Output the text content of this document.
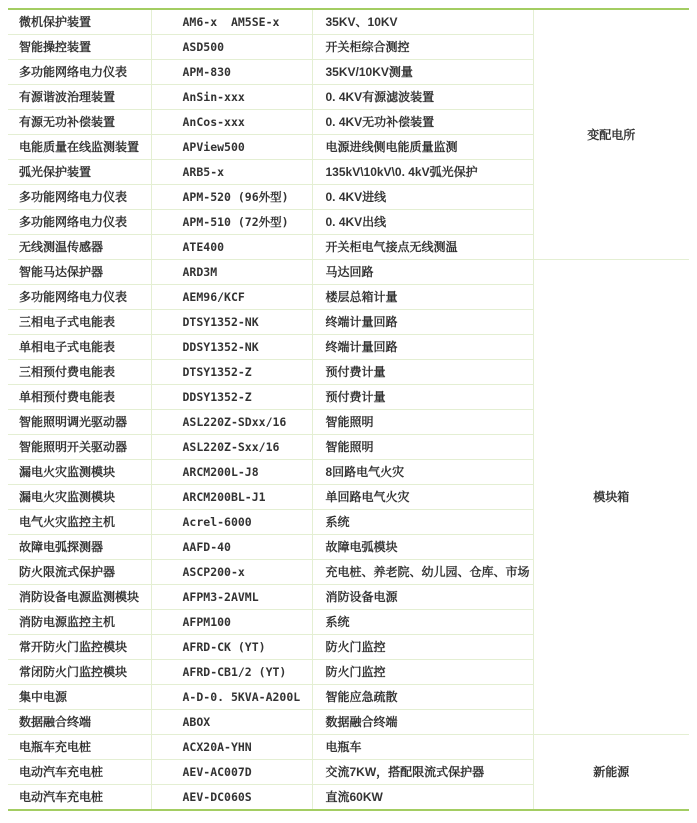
微机保护装置	AM6-x  AM5SE-x	35KV、10KV	变配电所
智能操控装置	ASD500	开关柜综合测控	
多功能网络电力仪表	APM-830	35KV/10KV测量	
有源谐波治理装置	AnSin-xxx	0. 4KV有源滤波装置	
有源无功补偿装置	AnCos-xxx	0. 4KV无功补偿装置	
电能质量在线监测装置	APView500	电源进线侧电能质量监测	
弧光保护装置	ARB5-x	135kV\10kV\0. 4kV弧光保护	
多功能网络电力仪表	APM-520 (96外型)	0. 4KV进线	
多功能网络电力仪表	APM-510 (72外型)	0. 4KV出线	
无线测温传感器	ATE400	开关柜电气接点无线测温	
智能马达保护器	ARD3M	马达回路	模块箱
多功能网络电力仪表	AEM96/KCF	楼层总箱计量	
三相电子式电能表	DTSY1352-NK	终端计量回路	
单相电子式电能表	DDSY1352-NK	终端计量回路	
三相预付费电能表	DTSY1352-Z	预付费计量	
单相预付费电能表	DDSY1352-Z	预付费计量	
智能照明调光驱动器	ASL220Z-SDxx/16	智能照明	
智能照明开关驱动器	ASL220Z-Sxx/16	智能照明	
漏电火灾监测模块	ARCM200L-J8	8回路电气火灾	
漏电火灾监测模块	ARCM200BL-J1	单回路电气火灾	
电气火灾监控主机	Acrel-6000	系统	
故障电弧探测器	AAFD-40	故障电弧模块	
防火限流式保护器	ASCP200-x	充电桩、养老院、幼儿园、仓库、市场	
消防设备电源监测模块	AFPM3-2AVML	消防设备电源	
消防电源监控主机	AFPM100	系统	
常开防火门监控模块	AFRD-CK (YT)	防火门监控	
常闭防火门监控模块	AFRD-CB1/2 (YT)	防火门监控	
集中电源	A-D-0. 5KVA-A200L	智能应急疏散	
数据融合终端	ABOX	数据融合终端	
电瓶车充电桩	ACX20A-YHN	电瓶车	新能源
电动汽车充电桩	AEV-AC007D	交流7KW，搭配限流式保护器	
电动汽车充电桩	AEV-DC060S	直流60KW	
